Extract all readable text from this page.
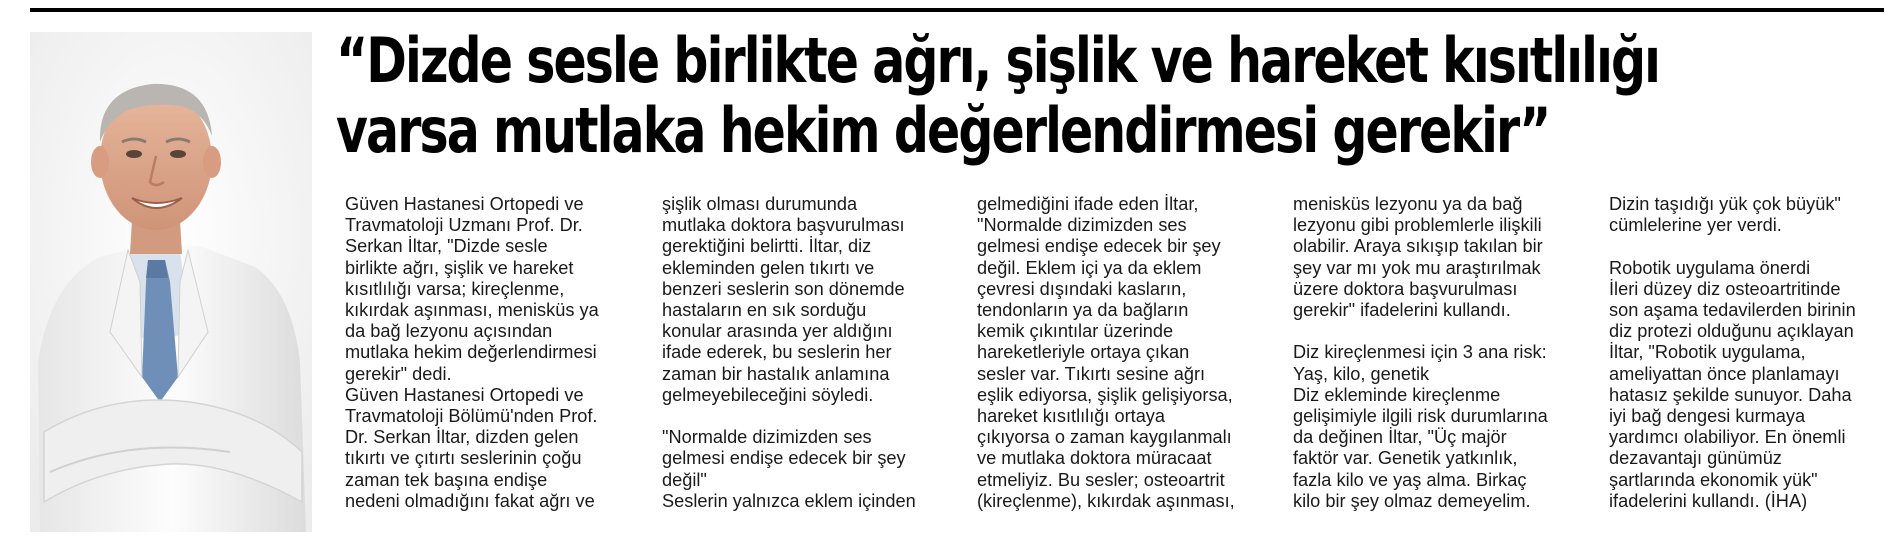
“Dizde sesle birlikte ağrı, şişlik ve hareket kısıtlılığı
varsa mutlaka hekim değerlendirmesi gerekir”
Güven Hastanesi Ortopedi ve
Travmatoloji Uzmanı Prof. Dr.
Serkan İltar, "Dizde sesle
birlikte ağrı, şişlik ve hareket
kısıtlılığı varsa; kireçlenme,
kıkırdak aşınması, menisküs ya
da bağ lezyonu açısından
mutlaka hekim değerlendirmesi
gerekir" dedi.
Güven Hastanesi Ortopedi ve
Travmatoloji Bölümü'nden Prof.
Dr. Serkan İltar, dizden gelen
tıkırtı ve çıtırtı seslerinin çoğu
zaman tek başına endişe
nedeni olmadığını fakat ağrı ve
şişlik olması durumunda
mutlaka doktora başvurulması
gerektiğini belirtti. İltar, diz
ekleminden gelen tıkırtı ve
benzeri seslerin son dönemde
hastaların en sık sorduğu
konular arasında yer aldığını
ifade ederek, bu seslerin her
zaman bir hastalık anlamına
gelmeyebileceğini söyledi.
"Normalde dizimizden ses
gelmesi endişe edecek bir şey
değil"
Seslerin yalnızca eklem içinden
gelmediğini ifade eden İltar,
"Normalde dizimizden ses
gelmesi endişe edecek bir şey
değil. Eklem içi ya da eklem
çevresi dışındaki kasların,
tendonların ya da bağların
kemik çıkıntılar üzerinde
hareketleriyle ortaya çıkan
sesler var. Tıkırtı sesine ağrı
eşlik ediyorsa, şişlik gelişiyorsa,
hareket kısıtlılığı ortaya
çıkıyorsa o zaman kaygılanmalı
ve mutlaka doktora müracaat
etmeliyiz. Bu sesler; osteoartrit
(kireçlenme), kıkırdak aşınması,
menisküs lezyonu ya da bağ
lezyonu gibi problemlerle ilişkili
olabilir. Araya sıkışıp takılan bir
şey var mı yok mu araştırılmak
üzere doktora başvurulması
gerekir" ifadelerini kullandı.
Diz kireçlenmesi için 3 ana risk:
Yaş, kilo, genetik
Diz ekleminde kireçlenme
gelişimiyle ilgili risk durumlarına
da değinen İltar, "Üç majör
faktör var. Genetik yatkınlık,
fazla kilo ve yaş alma. Birkaç
kilo bir şey olmaz demeyelim.
Dizin taşıdığı yük çok büyük"
cümlelerine yer verdi.
Robotik uygulama önerdi
İleri düzey diz osteoartritinde
son aşama tedavilerden birinin
diz protezi olduğunu açıklayan
İltar, "Robotik uygulama,
ameliyattan önce planlamayı
hatasız şekilde sunuyor. Daha
iyi bağ dengesi kurmaya
yardımcı olabiliyor. En önemli
dezavantajı günümüz
şartlarında ekonomik yük"
ifadelerini kullandı. (İHA)
